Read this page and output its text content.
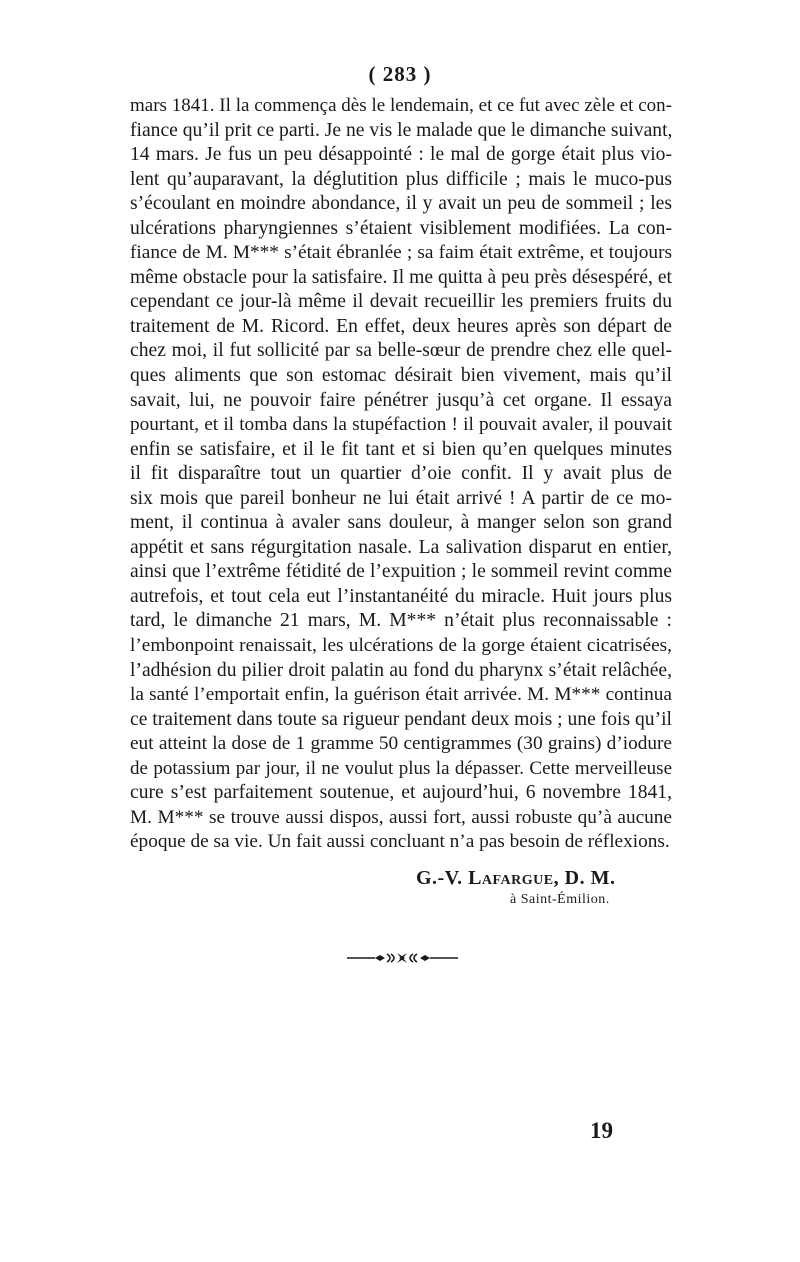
( 283 )
mars 1841. Il la commença dès le lendemain, et ce fut avec zèle et con-
fiance qu’il prit ce parti. Je ne vis le malade que le dimanche suivant,
14 mars. Je fus un peu désappointé : le mal de gorge était plus vio-
lent qu’auparavant, la déglutition plus difficile ; mais le muco-pus
s’écoulant en moindre abondance, il y avait un peu de sommeil ; les
ulcérations pharyngiennes s’étaient visiblement modifiées. La con-
fiance de M. M*** s’était ébranlée ; sa faim était extrême, et toujours
même obstacle pour la satisfaire. Il me quitta à peu près désespéré, et
cependant ce jour-là même il devait recueillir les premiers fruits du
traitement de M. Ricord. En effet, deux heures après son départ de
chez moi, il fut sollicité par sa belle-sœur de prendre chez elle quel-
ques aliments que son estomac désirait bien vivement, mais qu’il
savait, lui, ne pouvoir faire pénétrer jusqu’à cet organe. Il essaya
pourtant, et il tomba dans la stupéfaction ! il pouvait avaler, il pouvait
enfin se satisfaire, et il le fit tant et si bien qu’en quelques minutes
il fit disparaître tout un quartier d’oie confit. Il y avait plus de
six mois que pareil bonheur ne lui était arrivé ! A partir de ce mo-
ment, il continua à avaler sans douleur, à manger selon son grand
appétit et sans régurgitation nasale. La salivation disparut en entier,
ainsi que l’extrême fétidité de l’expuition ; le sommeil revint comme
autrefois, et tout cela eut l’instantanéité du miracle. Huit jours plus
tard, le dimanche 21 mars, M. M*** n’était plus reconnaissable :
l’embonpoint renaissait, les ulcérations de la gorge étaient cicatrisées,
l’adhésion du pilier droit palatin au fond du pharynx s’était relâchée,
la santé l’emportait enfin, la guérison était arrivée. M. M*** continua
ce traitement dans toute sa rigueur pendant deux mois ; une fois qu’il
eut atteint la dose de 1 gramme 50 centigrammes (30 grains) d’iodure
de potassium par jour, il ne voulut plus la dépasser. Cette merveilleuse
cure s’est parfaitement soutenue, et aujourd’hui, 6 novembre 1841,
M. M*** se trouve aussi dispos, aussi fort, aussi robuste qu’à aucune
époque de sa vie. Un fait aussi concluant n’a pas besoin de réflexions.
G.-V. Lafargue, D. M.
à Saint-Émilion.
19
